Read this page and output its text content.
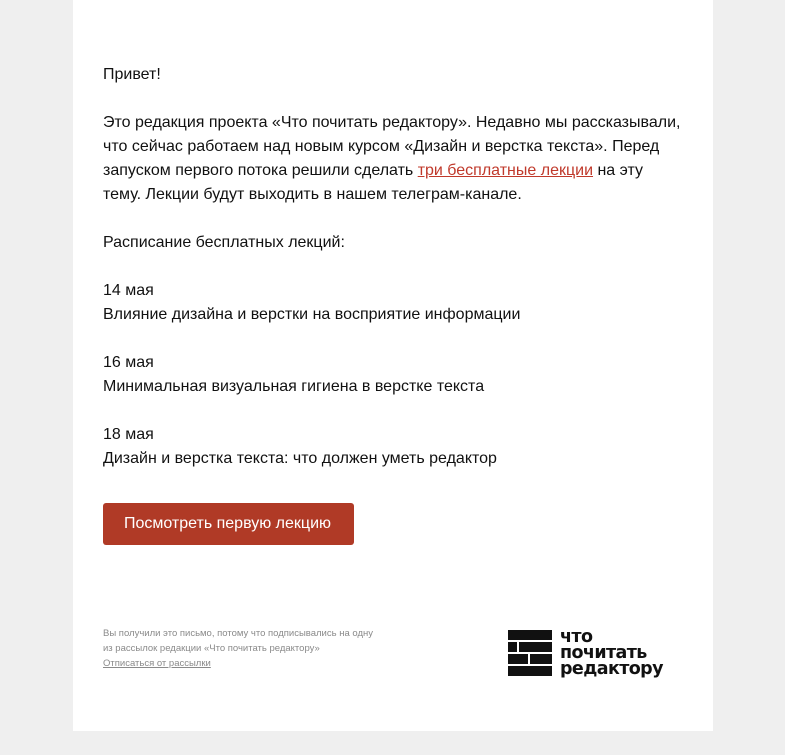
Привет!

Это редакция проекта «Что почитать редактору». Недавно мы рассказывали, что сейчас работаем над новым курсом «Дизайн и верстка текста». Перед запуском первого потока решили сделать три бесплатные лекции на эту тему. Лекции будут выходить в нашем телеграм-канале.

Расписание бесплатных лекций:

14 мая

Влияние дизайна и верстки на восприятие информации

16 мая

Минимальная визуальная гигиена в верстке текста

18 мая

Дизайн и верстка текста: что должен уметь редактор

Посмотреть первую лекцию
Вы получили это письмо, потому что подписывались на одну из рассылок редакции «Что почитать редактору»
Отписаться от рассылки
что
почитать
редактору
